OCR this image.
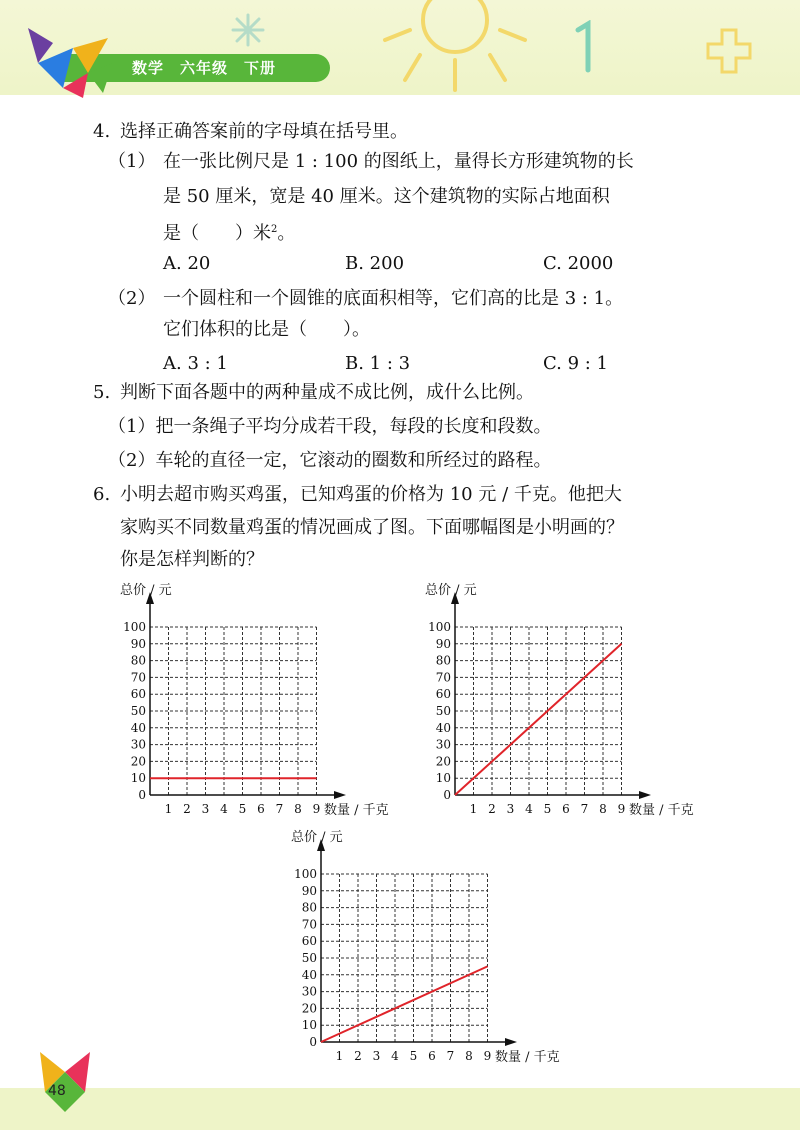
数学　六年级　下册
4. 选择正确答案前的字母填在括号里。
（1） 在一张比例尺是 1 : 100 的图纸上，量得长方形建筑物的长
是 50 厘米，宽是 40 厘米。这个建筑物的实际占地面积
是（　　）米$^2$。
A. 20	B. 200	C. 2000
（2） 一个圆柱和一个圆锥的底面积相等，它们高的比是 3 : 1。
它们体积的比是（　　）。
A. 3 : 1	B. 1 : 3	C. 9 : 1
5. 判断下面各题中的两种量成不成比例，成什么比例。
（1）把一条绳子平均分成若干段，每段的长度和段数。
（2）车轮的直径一定，它滚动的圈数和所经过的路程。
6. 小明去超市购买鸡蛋，已知鸡蛋的价格为 10 元 / 千克。他把大
家购买不同数量鸡蛋的情况画成了图。下面哪幅图是小明画的？
你是怎样判断的？
0
10
20
30
40
50
60
70
80
90
100
1 2 3 4 5 6 7 8 9
总价 / 元
数量 / 千克
0
10
20
30
40
50
60
70
80
90
100
1 2 3 4 5 6 7 8 9
总价 / 元
数量 / 千克
0
10
20
30
40
50
60
70
80
90
100
1 2 3 4 5 6 7 8 9
总价 / 元
数量 / 千克
48
